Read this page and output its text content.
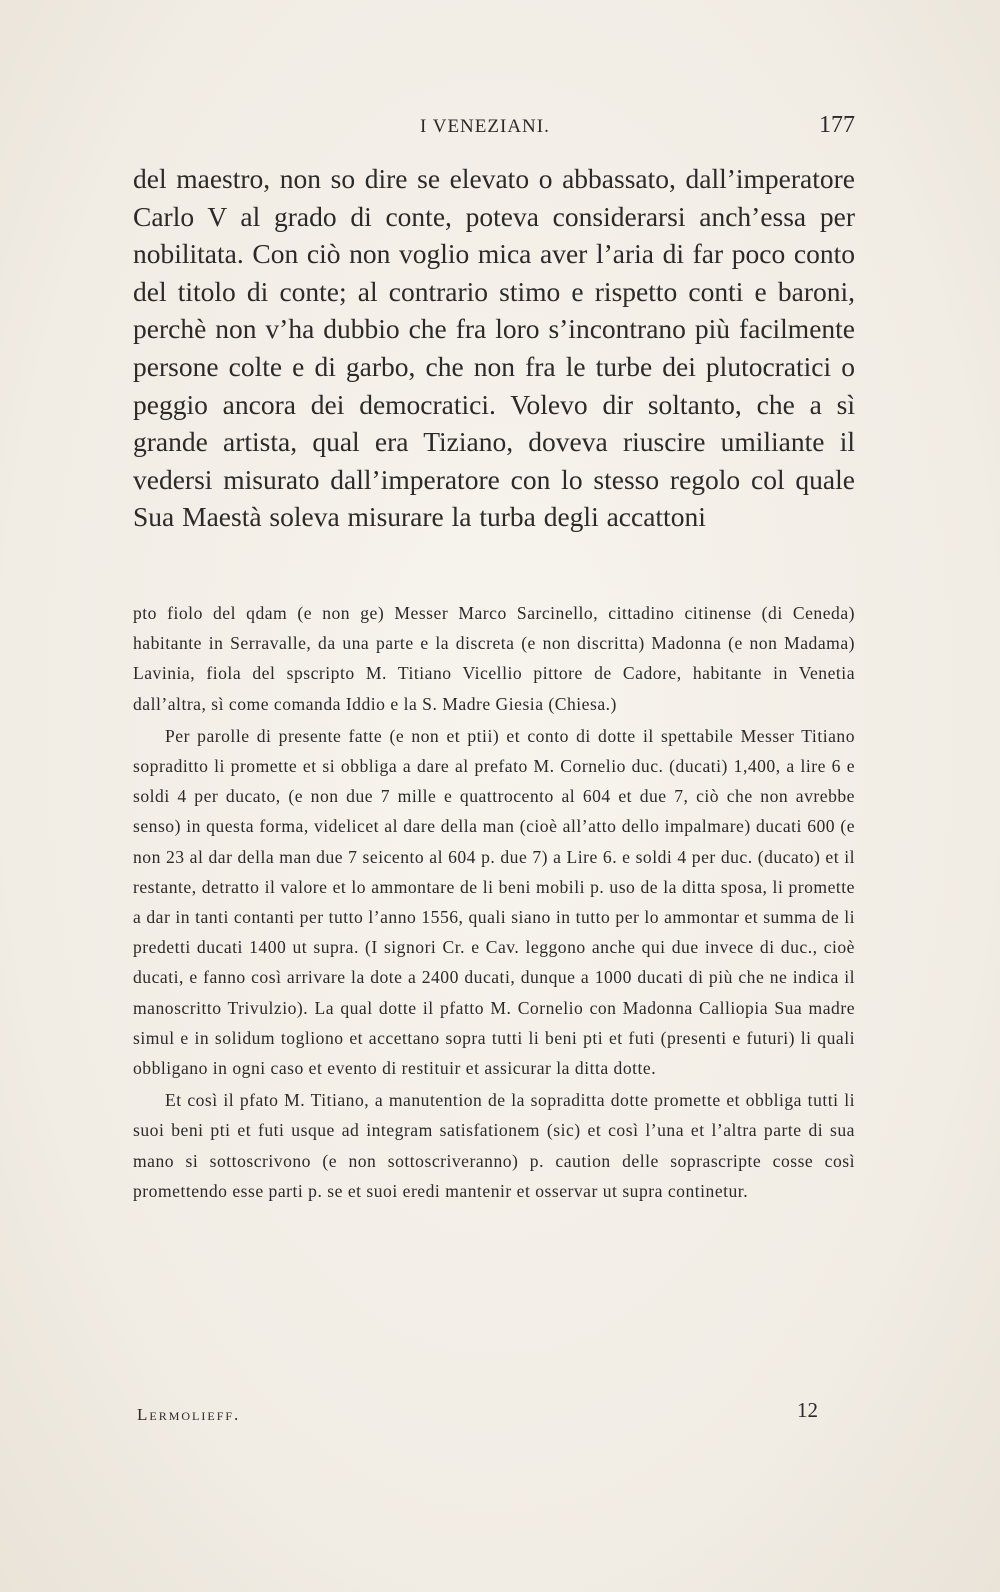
I VENEZIANI.	177

del maestro, non so dire se elevato o abbassato, dall’imperatore Carlo V al grado di conte, poteva considerarsi anch’essa per nobilitata. Con ciò non voglio mica aver l’aria di far poco conto del titolo di conte; al contrario stimo e rispetto conti e baroni, perchè non v’ha dubbio che fra loro s’incontrano più facilmente persone colte e di garbo, che non fra le turbe dei plutocratici o peggio ancora dei democratici. Volevo dir soltanto, che a sì grande artista, qual era Tiziano, doveva riuscire umiliante il vedersi misurato dall’imperatore con lo stesso regolo col quale Sua Maestà soleva misurare la turba degli accattoni

pto fiolo del qdam (e non ge) Messer Marco Sarcinello, cittadino citinense (di Ceneda) habitante in Serravalle, da una parte e la discreta (e non discritta) Madonna (e non Madama) Lavinia, fiola del spscripto M. Titiano Vicellio pittore de Cadore, habitante in Venetia dall’altra, sì come comanda Iddio e la S. Madre Giesia (Chiesa.)

Per parolle di presente fatte (e non et ptii) et conto di dotte il spettabile Messer Titiano sopraditto li promette et si obbliga a dare al prefato M. Cornelio duc. (ducati) 1,400, a lire 6 e soldi 4 per ducato, (e non due 7 mille e quattrocento al 604 et due 7, ciò che non avrebbe senso) in questa forma, videlicet al dare della man (cioè all’atto dello impalmare) ducati 600 (e non 23 al dar della man due 7 seicento al 604 p. due 7) a Lire 6. e soldi 4 per duc. (ducato) et il restante, detratto il valore et lo ammontare de li beni mobili p. uso de la ditta sposa, li promette a dar in tanti contanti per tutto l’anno 1556, quali siano in tutto per lo ammontar et summa de li predetti ducati 1400 ut supra. (I signori Cr. e Cav. leggono anche qui due invece di duc., cioè ducati, e fanno così arrivare la dote a 2400 ducati, dunque a 1000 ducati di più che ne indica il manoscritto Trivulzio). La qual dotte il pfatto M. Cornelio con Madonna Calliopia Sua madre simul e in solidum togliono et accettano sopra tutti li beni pti et futi (presenti e futuri) li quali obbligano in ogni caso et evento di restituir et assicurar la ditta dotte.

Et così il pfato M. Titiano, a manutention de la sopraditta dotte promette et obbliga tutti li suoi beni pti et futi usque ad integram satisfationem (sic) et così l’una et l’altra parte di sua mano si sottoscrivono (e non sottoscriveranno) p. caution delle soprascripte cosse così promettendo esse parti p. se et suoi eredi mantenir et osservar ut supra continetur.

Lermolieff.	12
